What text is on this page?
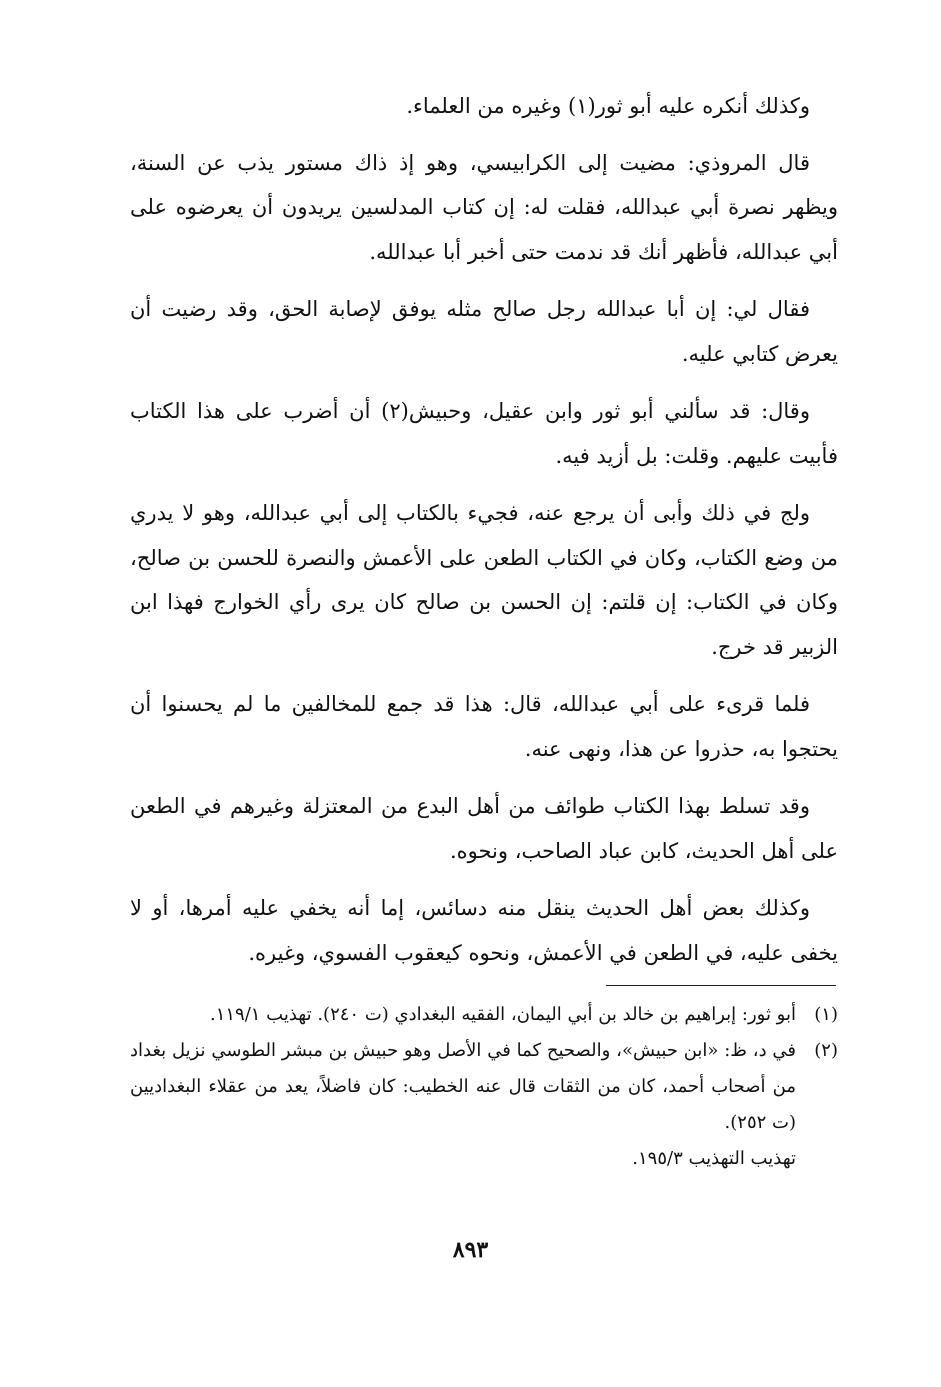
وكذلك أنكره عليه أبو ثور(١) وغيره من العلماء.

قال المروذي: مضيت إلى الكرابيسي، وهو إذ ذاك مستور يذب عن السنة، ويظهر نصرة أبي عبدالله، فقلت له: إن كتاب المدلسين يريدون أن يعرضوه على أبي عبدالله، فأظهر أنك قد ندمت حتى أخبر أبا عبدالله.

فقال لي: إن أبا عبدالله رجل صالح مثله يوفق لإصابة الحق، وقد رضيت أن يعرض كتابي عليه.

وقال: قد سألني أبو ثور وابن عقيل، وحبيش(٢) أن أضرب على هذا الكتاب فأبيت عليهم. وقلت: بل أزيد فيه.

ولج في ذلك وأبى أن يرجع عنه، فجيء بالكتاب إلى أبي عبدالله، وهو لا يدري من وضع الكتاب، وكان في الكتاب الطعن على الأعمش والنصرة للحسن بن صالح، وكان في الكتاب: إن قلتم: إن الحسن بن صالح كان يرى رأي الخوارج فهذا ابن الزبير قد خرج.

فلما قرىء على أبي عبدالله، قال: هذا قد جمع للمخالفين ما لم يحسنوا أن يحتجوا به، حذروا عن هذا، ونهى عنه.

وقد تسلط بهذا الكتاب طوائف من أهل البدع من المعتزلة وغيرهم في الطعن على أهل الحديث، كابن عباد الصاحب، ونحوه.

وكذلك بعض أهل الحديث ينقل منه دسائس، إما أنه يخفي عليه أمرها، أو لا يخفى عليه، في الطعن في الأعمش، ونحوه كيعقوب الفسوي، وغيره.

(١)
أبو ثور: إبراهيم بن خالد بن أبي اليمان، الفقيه البغدادي (ت ٢٤٠). تهذيب ١١٩/١.
(٢)
في د، ظ: «ابن حبيش»، والصحيح كما في الأصل وهو حبيش بن مبشر الطوسي نزيل بغداد من أصحاب أحمد، كان من الثقات قال عنه الخطيب: كان فاضلاً، يعد من عقلاء البغداديين (ت ٢٥٢).

تهذيب التهذيب ١٩٥/٣.

٨٩٣
